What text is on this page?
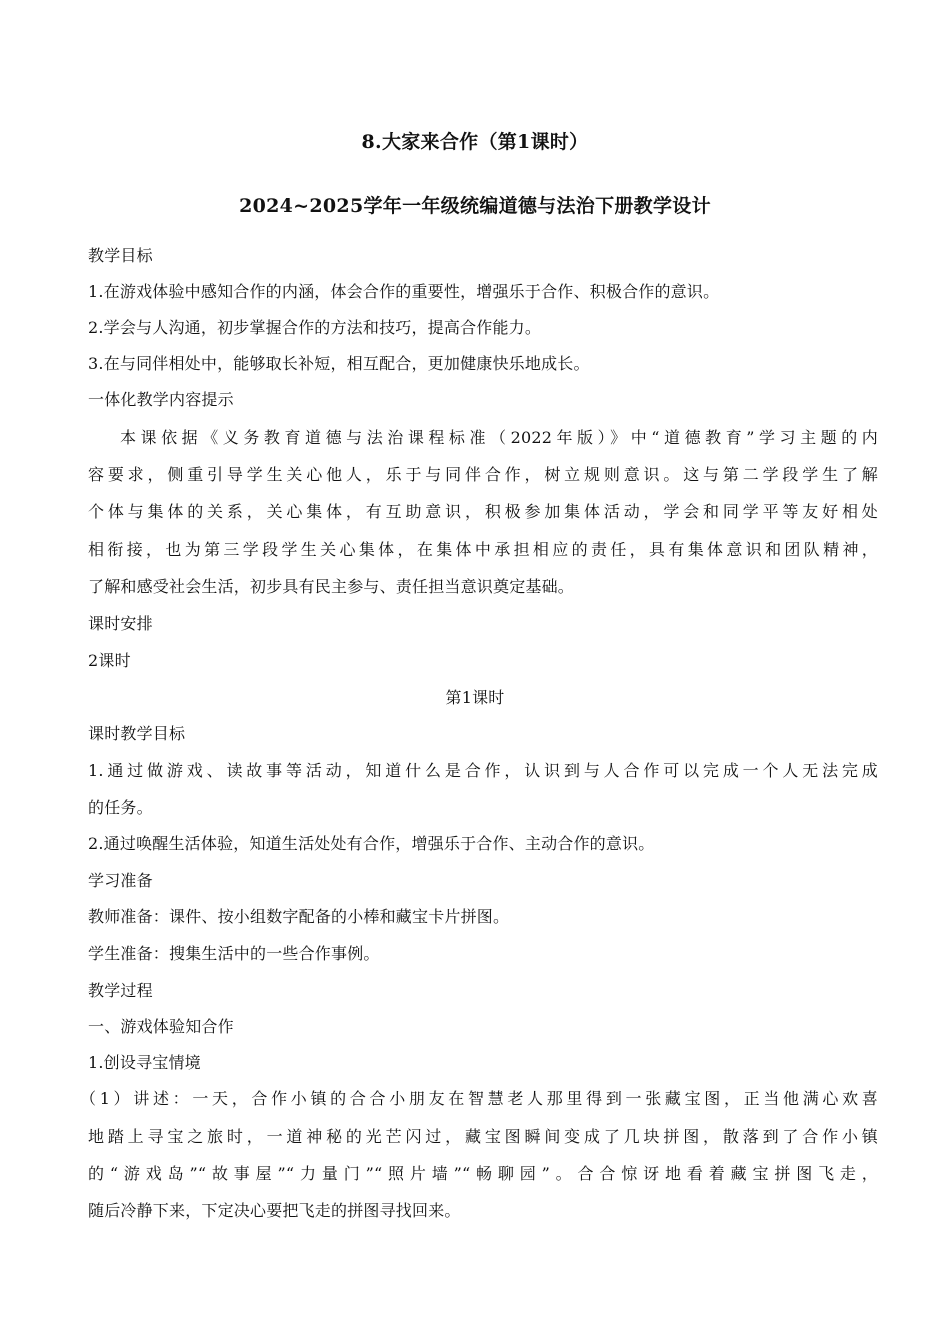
8.大家来合作（第1课时）
2024~2025学年一年级统编道德与法治下册教学设计
教学目标
1.在游戏体验中感知合作的内涵，体会合作的重要性，增强乐于合作、积极合作的意识。
2.学会与人沟通，初步掌握合作的方法和技巧，提高合作能力。
3.在与同伴相处中，能够取长补短，相互配合，更加健康快乐地成长。
一体化教学内容提示
本课依据《义务教育道德与法治课程标准（2022年版）》中“道德教育”学习主题的内
容要求，侧重引导学生关心他人，乐于与同伴合作，树立规则意识。这与第二学段学生了解
个体与集体的关系，关心集体，有互助意识，积极参加集体活动，学会和同学平等友好相处
相衔接，也为第三学段学生关心集体，在集体中承担相应的责任，具有集体意识和团队精神，
了解和感受社会生活，初步具有民主参与、责任担当意识奠定基础。
课时安排
2课时
第1课时
课时教学目标
1.通过做游戏、读故事等活动，知道什么是合作，认识到与人合作可以完成一个人无法完成
的任务。
2.通过唤醒生活体验，知道生活处处有合作，增强乐于合作、主动合作的意识。
学习准备
教师准备：课件、按小组数字配备的小棒和藏宝卡片拼图。
学生准备：搜集生活中的一些合作事例。
教学过程
一、游戏体验知合作
1.创设寻宝情境
（1）讲述：一天，合作小镇的合合小朋友在智慧老人那里得到一张藏宝图，正当他满心欢喜
地踏上寻宝之旅时，一道神秘的光芒闪过，藏宝图瞬间变成了几块拼图，散落到了合作小镇
的“游戏岛”“故事屋”“力量门”“照片墙”“畅聊园”。合合惊讶地看着藏宝拼图飞走，
随后冷静下来，下定决心要把飞走的拼图寻找回来。
